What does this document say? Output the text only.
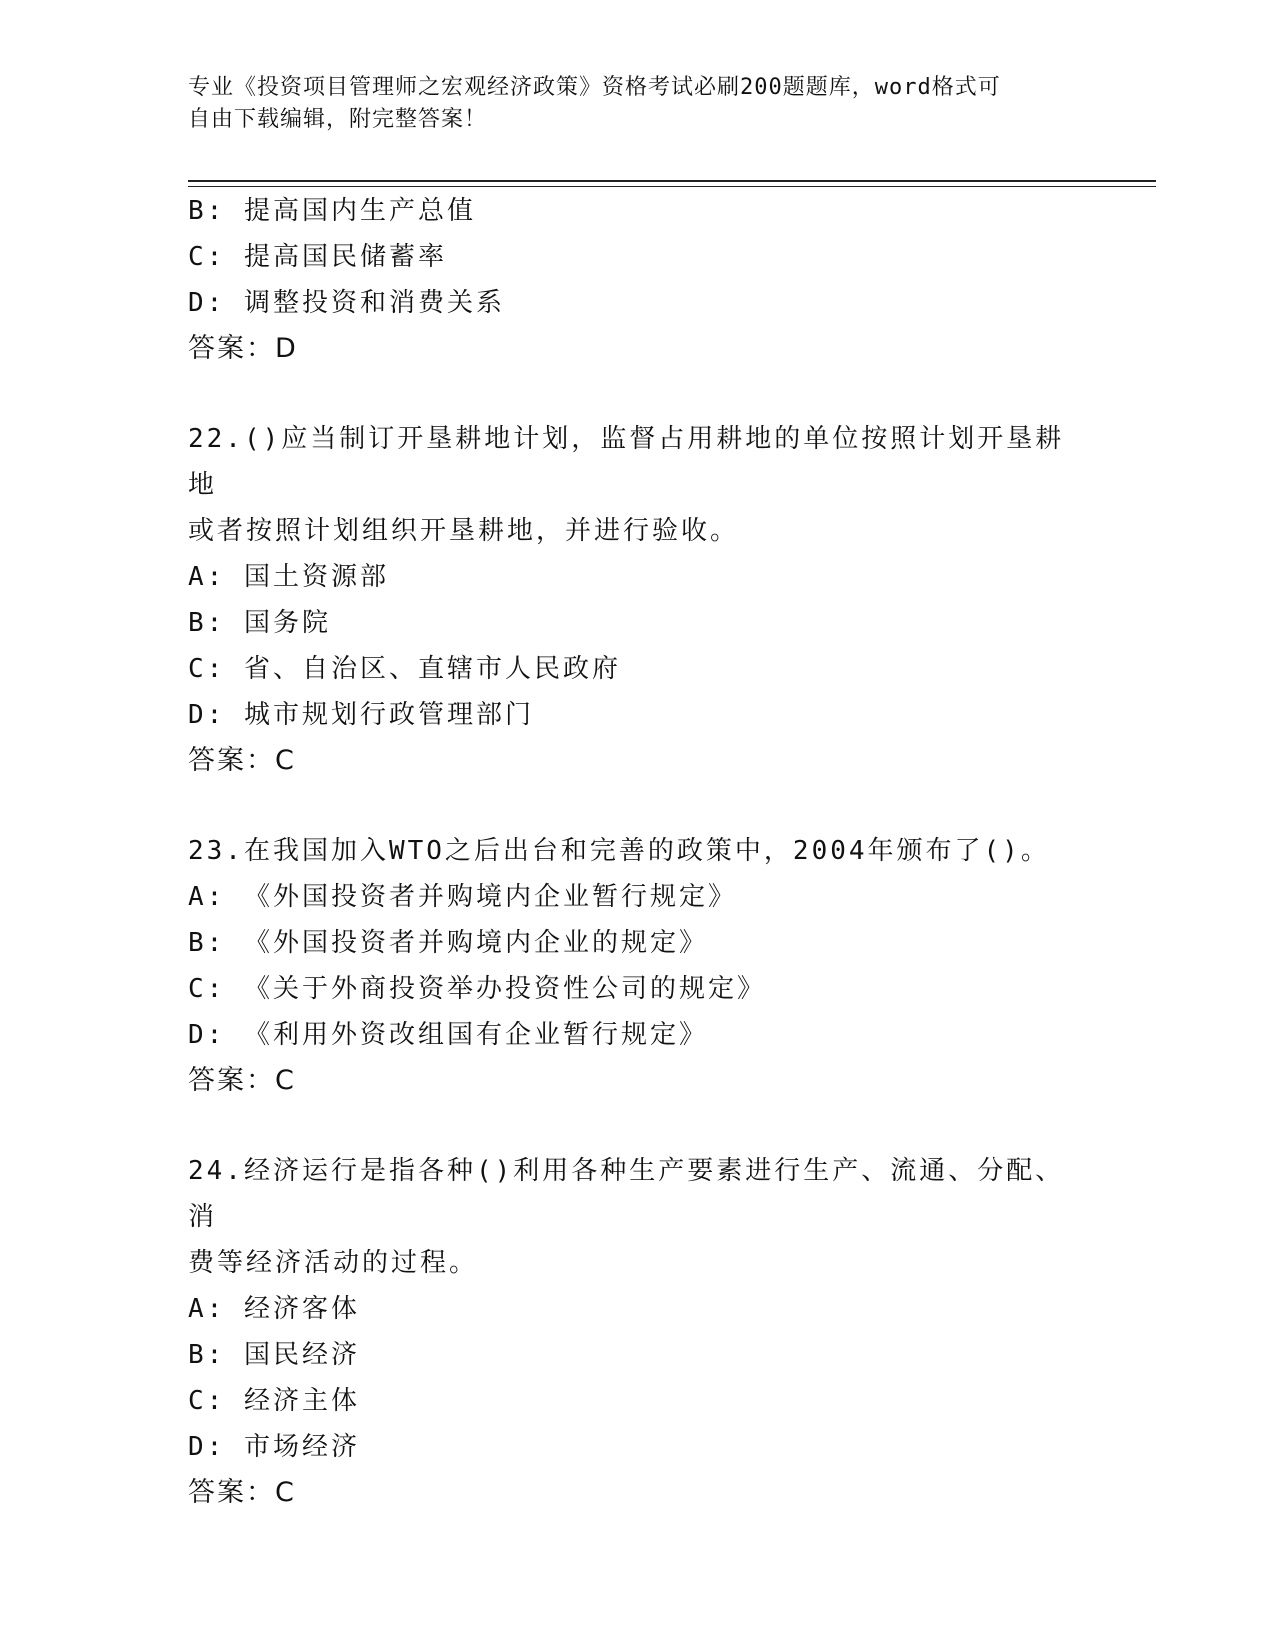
专业《投资项目管理师之宏观经济政策》资格考试必刷200题题库，word格式可
自由下载编辑，附完整答案！
B: 提高国内生产总值
C: 提高国民储蓄率
D: 调整投资和消费关系
答案：D
22.()应当制订开垦耕地计划，监督占用耕地的单位按照计划开垦耕地
或者按照计划组织开垦耕地，并进行验收。
A: 国土资源部
B: 国务院
C: 省、自治区、直辖市人民政府
D: 城市规划行政管理部门
答案：C
23.在我国加入WTO之后出台和完善的政策中，2004年颁布了()。
A: 《外国投资者并购境内企业暂行规定》
B: 《外国投资者并购境内企业的规定》
C: 《关于外商投资举办投资性公司的规定》
D: 《利用外资改组国有企业暂行规定》
答案：C
24.经济运行是指各种()利用各种生产要素进行生产、流通、分配、消
费等经济活动的过程。
A: 经济客体
B: 国民经济
C: 经济主体
D: 市场经济
答案：C
